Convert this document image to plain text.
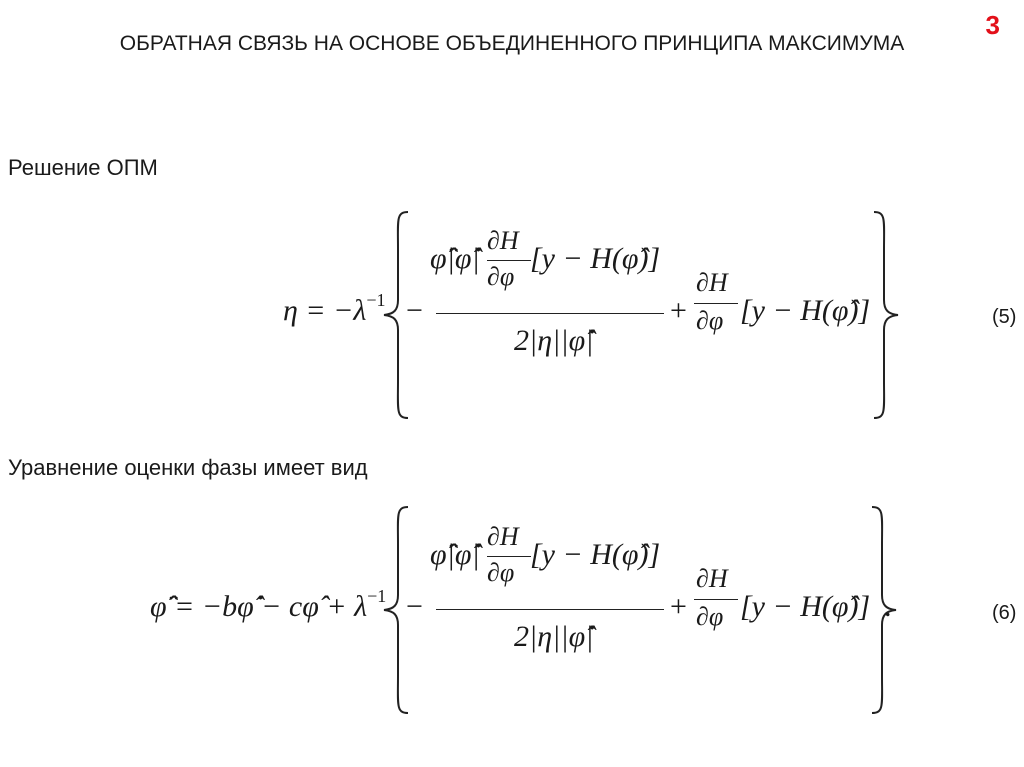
3
ОБРАТНАЯ СВЯЗЬ НА ОСНОВЕ ОБЪЕДИНЕННОГО ПРИНЦИПА МАКСИМУМА
Решение ОПМ
$\eta = -\lambda^{-1}$ −
φ̈̂|φ̂̇|
∂H
∂φ
[y − H(φ̂)]
2|η||φ̂̇|
+
∂H
∂φ [y − H(φ̂)]	(5)
Уравнение оценки фазы имеет вид
φ̈̂ = −bφ̂̇ − cφ̂ + $\lambda^{-1}$ −
φ̈̂|φ̂̇|
∂H
∂φ
[y − H(φ̂)]
2|η||φ̂̇|
+
∂H
∂φ [y − H(φ̂)] .	(6)
